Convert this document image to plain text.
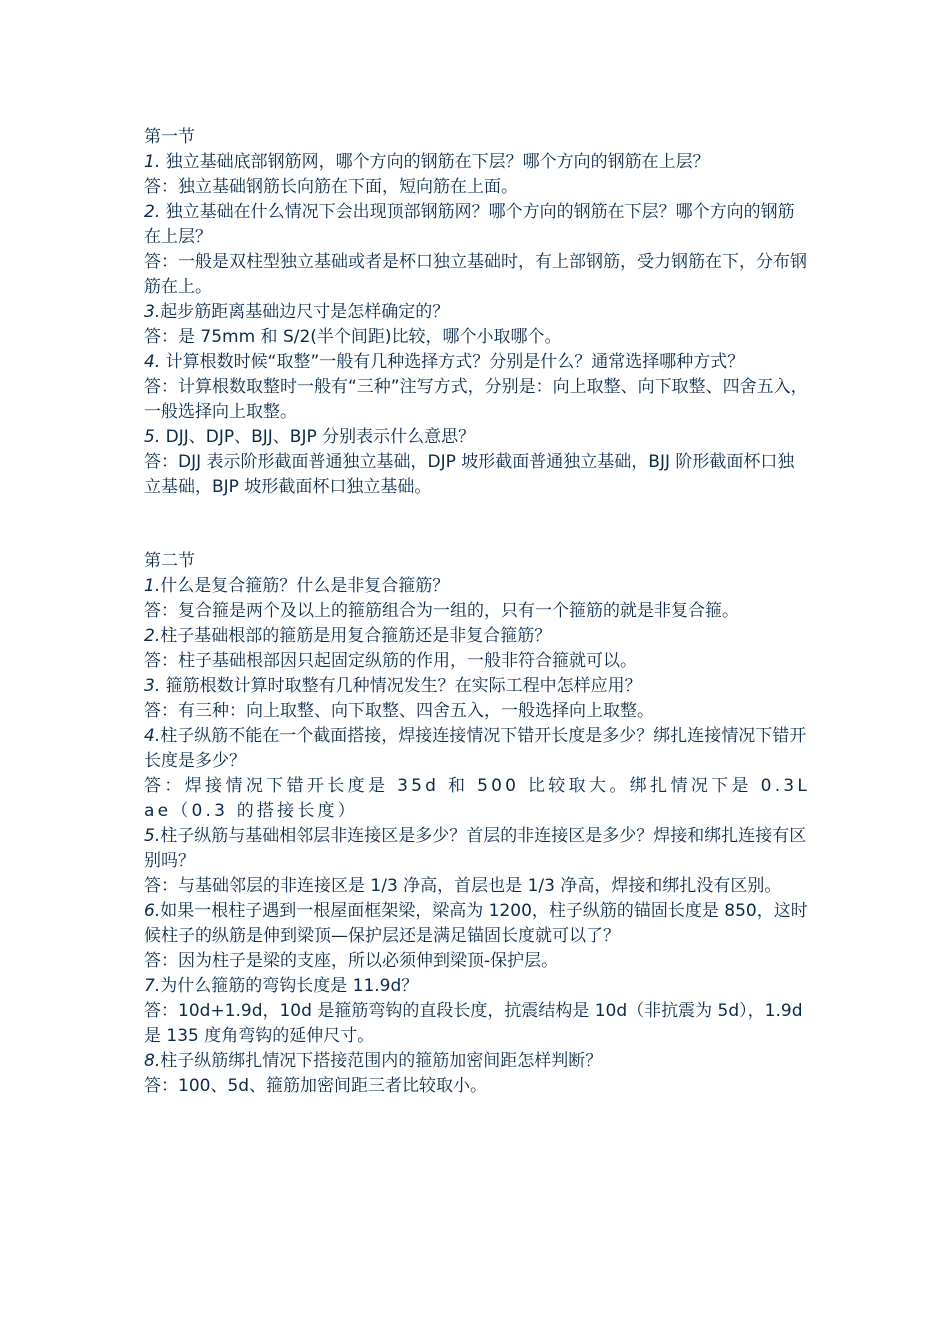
第一节

1. 独立基础底部钢筋网，哪个方向的钢筋在下层？哪个方向的钢筋在上层？

答：独立基础钢筋长向筋在下面，短向筋在上面。

2. 独立基础在什么情况下会出现顶部钢筋网？哪个方向的钢筋在下层？哪个方向的钢筋在上层？

答：一般是双柱型独立基础或者是杯口独立基础时，有上部钢筋，受力钢筋在下，分布钢筋在上。

3.起步筋距离基础边尺寸是怎样确定的？

答：是 75mm 和 S/2(半个间距)比较，哪个小取哪个。

4. 计算根数时候“取整”一般有几种选择方式？分别是什么？通常选择哪种方式？

答：计算根数取整时一般有“三种”注写方式，分别是：向上取整、向下取整、四舍五入，一般选择向上取整。

5. DJJ、DJP、BJJ、BJP 分别表示什么意思？

答：DJJ 表示阶形截面普通独立基础，DJP 坡形截面普通独立基础，BJJ 阶形截面杯口独立基础，BJP 坡形截面杯口独立基础。

第二节

1.什么是复合箍筋？什么是非复合箍筋？

答：复合箍是两个及以上的箍筋组合为一组的，只有一个箍筋的就是非复合箍。

2.柱子基础根部的箍筋是用复合箍筋还是非复合箍筋？

答：柱子基础根部因只起固定纵筋的作用，一般非符合箍就可以。

3. 箍筋根数计算时取整有几种情况发生？在实际工程中怎样应用？

答：有三种：向上取整、向下取整、四舍五入，一般选择向上取整。

4.柱子纵筋不能在一个截面搭接，焊接连接情况下错开长度是多少？绑扎连接情况下错开长度是多少？

答：焊接情况下错开长度是 35d 和 500 比较取大。绑扎情况下是 0.3Lae（0.3 的搭接长度）

5.柱子纵筋与基础相邻层非连接区是多少？首层的非连接区是多少？焊接和绑扎连接有区别吗？

答：与基础邻层的非连接区是 1/3 净高，首层也是 1/3 净高，焊接和绑扎没有区别。

6.如果一根柱子遇到一根屋面框架梁，梁高为 1200，柱子纵筋的锚固长度是 850，这时候柱子的纵筋是伸到梁顶—保护层还是满足锚固长度就可以了？

答：因为柱子是梁的支座，所以必须伸到梁顶-保护层。

7.为什么箍筋的弯钩长度是 11.9d？

答：10d+1.9d，10d 是箍筋弯钩的直段长度，抗震结构是 10d（非抗震为 5d），1.9d 是 135 度角弯钩的延伸尺寸。

8.柱子纵筋绑扎情况下搭接范围内的箍筋加密间距怎样判断？

答：100、5d、箍筋加密间距三者比较取小。
